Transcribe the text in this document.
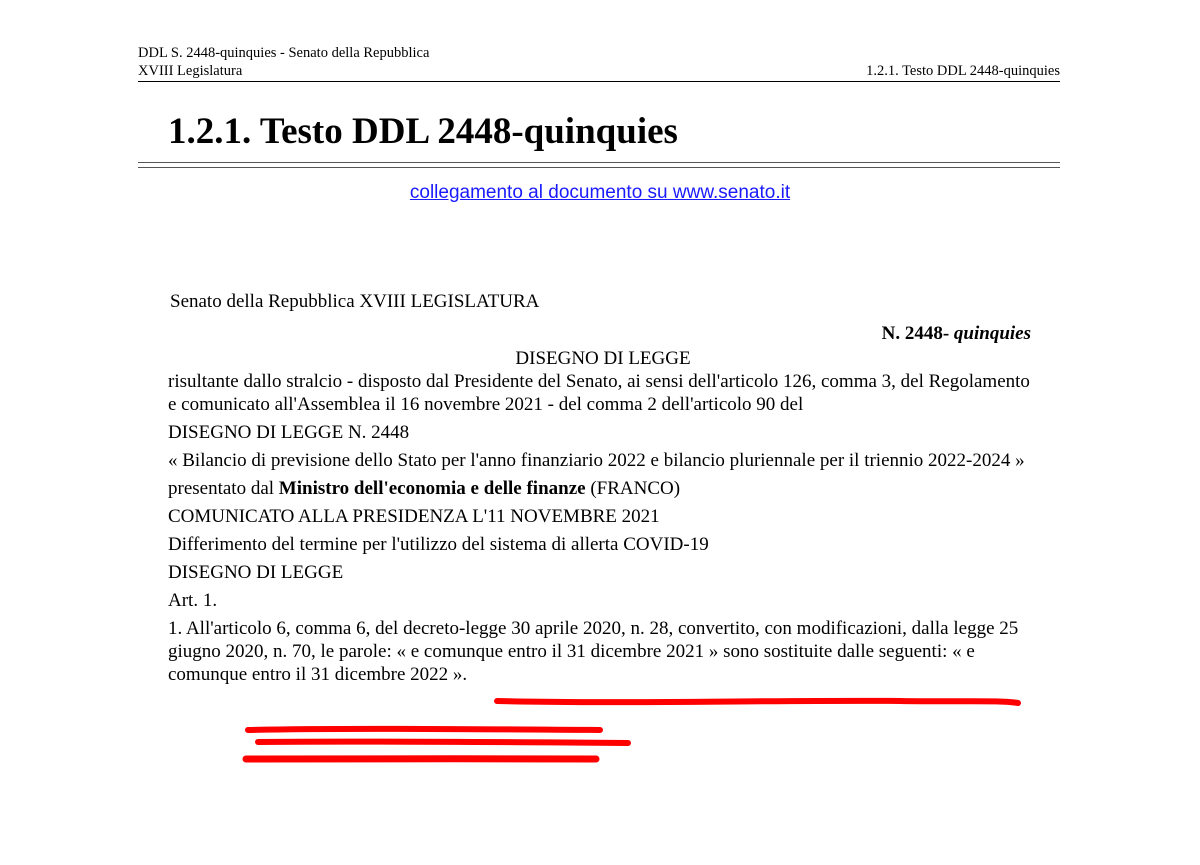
DDL S. 2448-quinquies - Senato della Repubblica
XVIII Legislatura	1.2.1. Testo DDL 2448-quinquies
1.2.1. Testo DDL 2448-quinquies
collegamento al documento su www.senato.it
Senato della Repubblica XVIII LEGISLATURA
N. 2448- quinquies

DISEGNO DI LEGGE

risultante dallo stralcio - disposto dal Presidente del Senato, ai sensi dell'articolo 126, comma 3, del Regolamento e comunicato all'Assemblea il 16 novembre 2021 - del comma 2 dell'articolo 90 del

DISEGNO DI LEGGE N. 2448

« Bilancio di previsione dello Stato per l'anno finanziario 2022 e bilancio pluriennale per il triennio 2022-2024 »

presentato dal Ministro dell'economia e delle finanze (FRANCO)

COMUNICATO ALLA PRESIDENZA L'11 NOVEMBRE 2021

Differimento del termine per l'utilizzo del sistema di allerta COVID-19

DISEGNO DI LEGGE

Art. 1.

1. All'articolo 6, comma 6, del decreto-legge 30 aprile 2020, n. 28, convertito, con modificazioni, dalla legge 25 giugno 2020, n. 70, le parole: « e comunque entro il 31 dicembre 2021 » sono sostituite dalle seguenti: « e comunque entro il 31 dicembre 2022 ».
